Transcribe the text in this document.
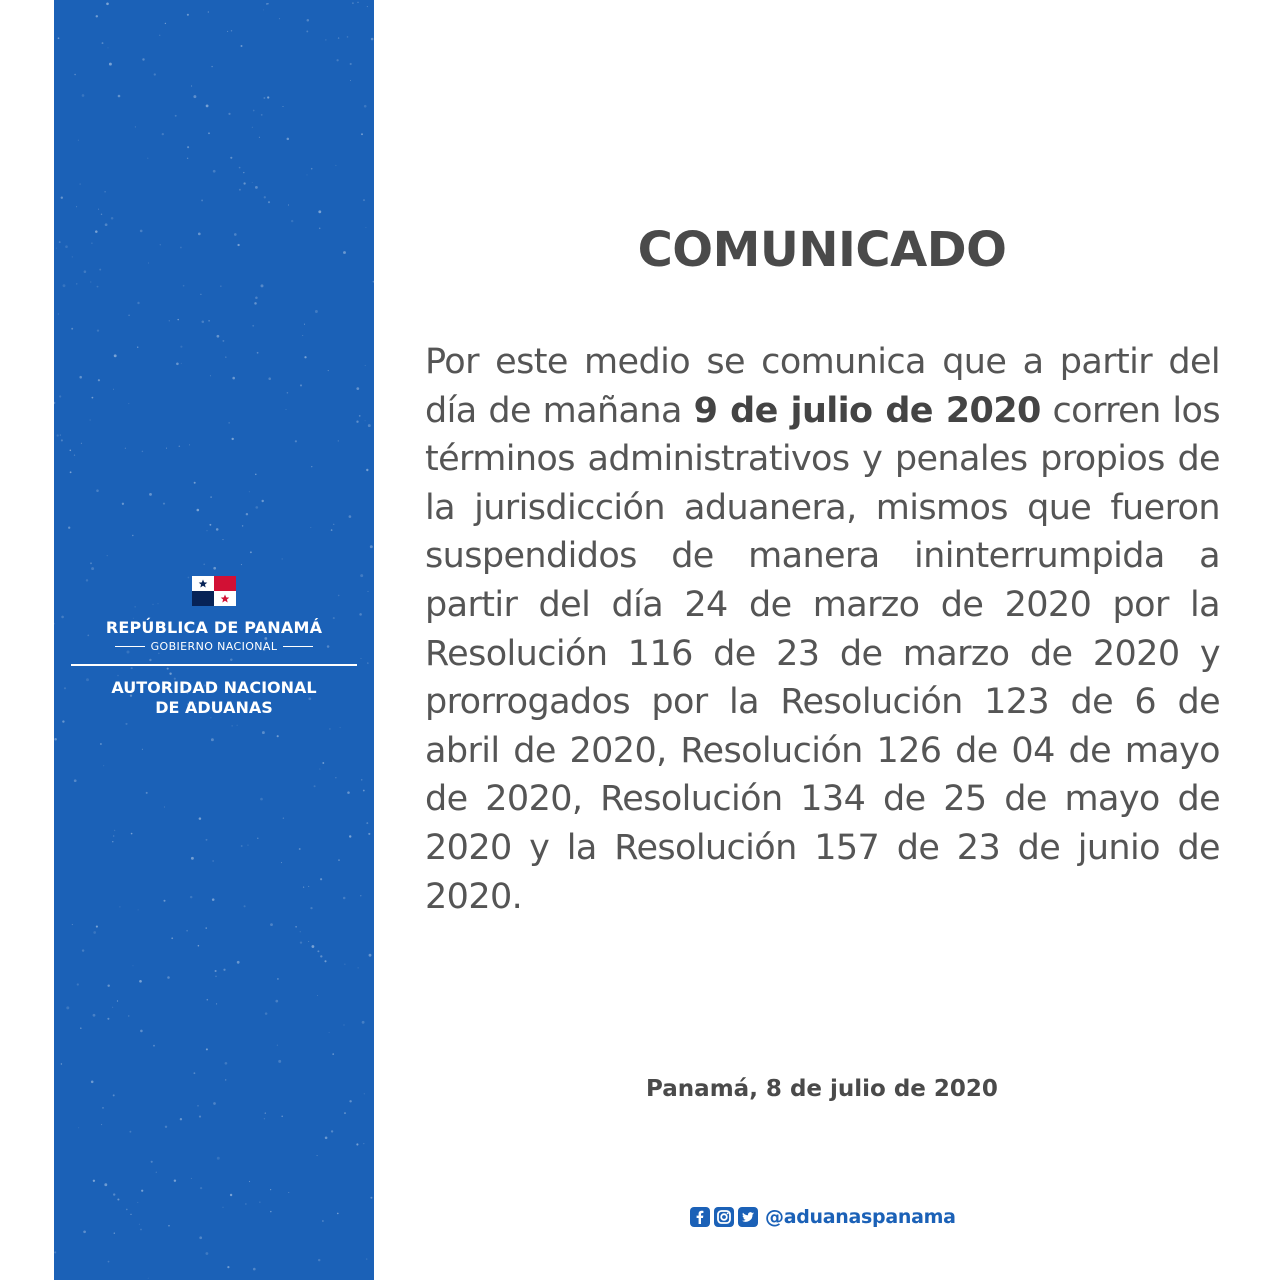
REPÚBLICA DE PANAMÁ
GOBIERNO NACIONAL
AUTORIDAD NACIONAL
DE ADUANAS
COMUNICADO
Por este medio se comunica que a partir del día de mañana 9 de julio de 2020 corren los términos administrativos y penales propios de la jurisdicción aduanera, mismos que fueron suspendidos de manera ininterrumpida a partir del día 24 de marzo de 2020 por la Resolución 116 de 23 de marzo de 2020 y prorrogados por la Resolución 123 de 6 de abril de 2020, Resolución 126 de 04 de mayo de 2020, Resolución 134 de 25 de mayo de 2020 y la Resolución 157 de 23 de junio de 2020.
Panamá, 8 de julio de 2020
@aduanaspanama
